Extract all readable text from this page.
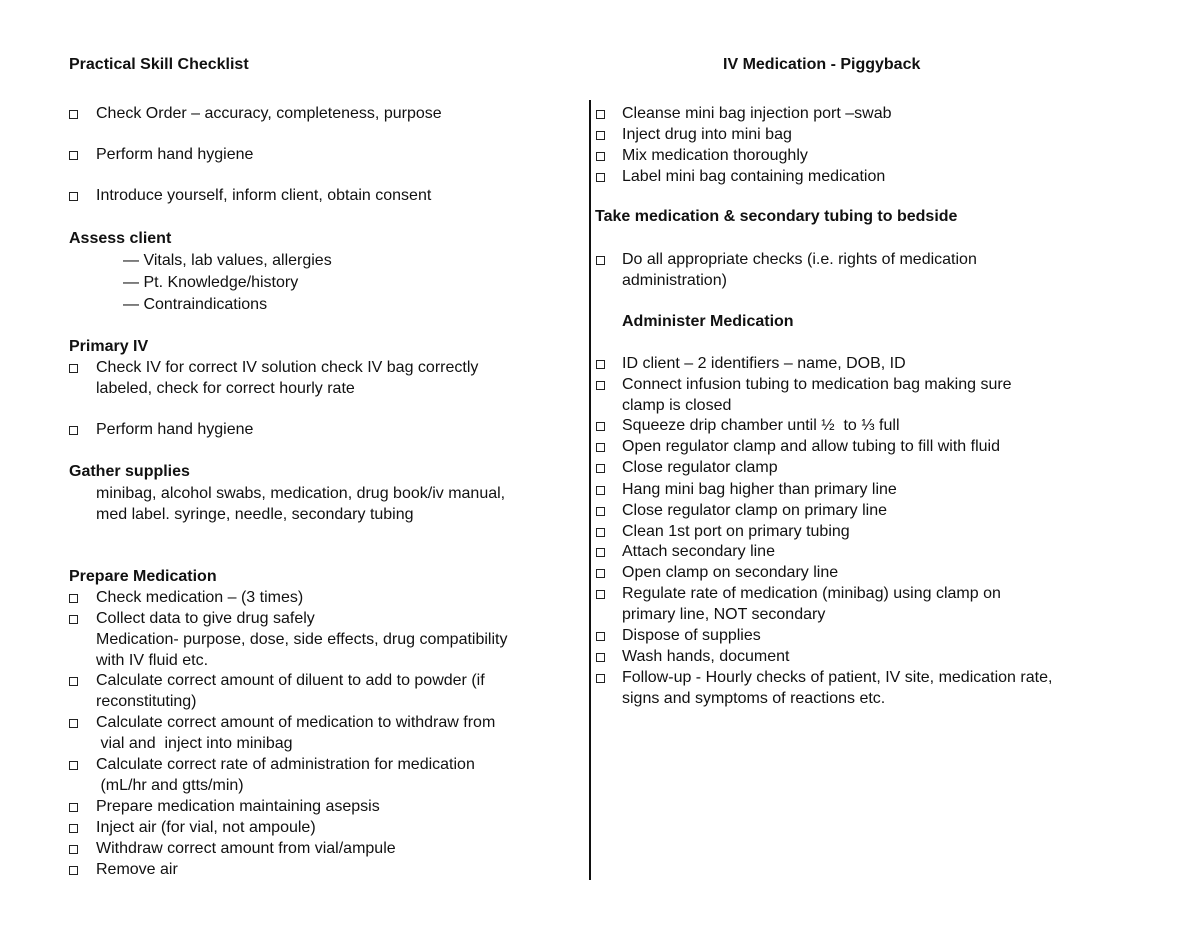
Practical Skill Checklist	IV Medication - Piggyback
Check Order – accuracy, completeness, purpose
Perform hand hygiene
Introduce yourself, inform client, obtain consent
Assess client
— Vitals, lab values, allergies
— Pt. Knowledge/history
— Contraindications
Primary IV
Check IV for correct IV solution check IV bag correctly
labeled, check for correct hourly rate
Perform hand hygiene
Gather supplies
minibag, alcohol swabs, medication, drug book/iv manual,
med label. syringe, needle, secondary tubing
Prepare Medication
Check medication – (3 times)
Collect data to give drug safely
Medication- purpose, dose, side effects, drug compatibility
with IV fluid etc.
Calculate correct amount of diluent to add to powder (if
reconstituting)
Calculate correct amount of medication to withdraw from
vial and  inject into minibag
Calculate correct rate of administration for medication
(mL/hr and gtts/min)
Prepare medication maintaining asepsis
Inject air (for vial, not ampoule)
Withdraw correct amount from vial/ampule
Remove air
Cleanse mini bag injection port –swab
Inject drug into mini bag
Mix medication thoroughly
Label mini bag containing medication
Take medication & secondary tubing to bedside
Do all appropriate checks (i.e. rights of medication
administration)
Administer Medication
ID client – 2 identifiers – name, DOB, ID
Connect infusion tubing to medication bag making sure
clamp is closed
Squeeze drip chamber until ½  to ⅓ full
Open regulator clamp and allow tubing to fill with fluid
Close regulator clamp
Hang mini bag higher than primary line
Close regulator clamp on primary line
Clean 1st port on primary tubing
Attach secondary line
Open clamp on secondary line
Regulate rate of medication (minibag) using clamp on
primary line, NOT secondary
Dispose of supplies
Wash hands, document
Follow-up - Hourly checks of patient, IV site, medication rate,
signs and symptoms of reactions etc.
